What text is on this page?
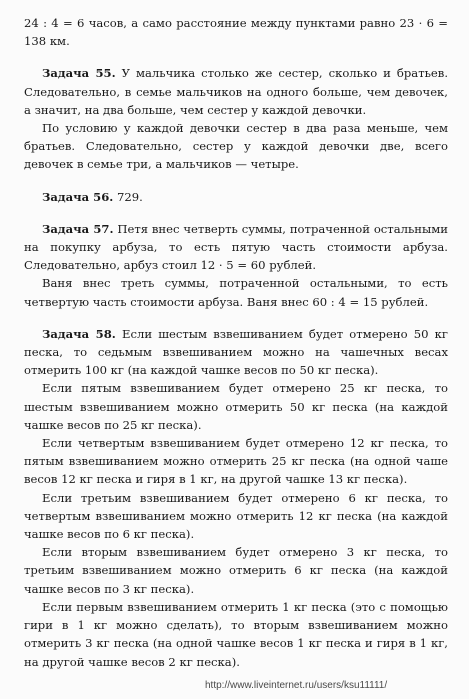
24 : 4 = 6 часов, а само расстояние между пунктами равно 23 · 6 = 138 км.

Задача 55. У мальчика столько же сестер, сколько и братьев. Следовательно, в семье мальчиков на одного больше, чем девочек, а значит, на два больше, чем сестер у каждой девочки.

По условию у каждой девочки сестер в два раза меньше, чем братьев. Следовательно, сестер у каждой девочки две, всего девочек в семье три, а мальчиков — четыре.

Задача 56. 729.

Задача 57. Петя внес четверть суммы, потраченной остальными на покупку арбуза, то есть пятую часть стоимости арбуза. Следовательно, арбуз стоил 12 · 5 = 60 рублей.

Ваня внес треть суммы, потраченной остальными, то есть четвертую часть стоимости арбуза. Ваня внес 60 : 4 = 15 рублей.

Задача 58. Если шестым взвешиванием будет отмерено 50 кг песка, то седьмым взвешиванием можно на чашечных весах отмерить 100 кг (на каждой чашке весов по 50 кг песка).

Если пятым взвешиванием будет отмерено 25 кг песка, то шестым взвешиванием можно отмерить 50 кг песка (на каждой чашке весов по 25 кг песка).

Если четвертым взвешиванием будет отмерено 12 кг песка, то пятым взвешиванием можно отмерить 25 кг песка (на одной чаше весов 12 кг песка и гиря в 1 кг, на другой чашке 13 кг песка).

Если третьим взвешиванием будет отмерено 6 кг песка, то четвертым взвешиванием можно отмерить 12 кг песка (на каждой чашке весов по 6 кг песка).

Если вторым взвешиванием будет отмерено 3 кг песка, то третьим взвешиванием можно отмерить 6 кг песка (на каждой чашке весов по 3 кг песка).

Если первым взвешиванием отмерить 1 кг песка (это с помощью гири в 1 кг можно сделать), то вторым взвешиванием можно отмерить 3 кг песка (на одной чашке весов 1 кг песка и гиря в 1 кг, на другой чашке весов 2 кг песка).

http://www.liveinternet.ru/users/ksu11111/
